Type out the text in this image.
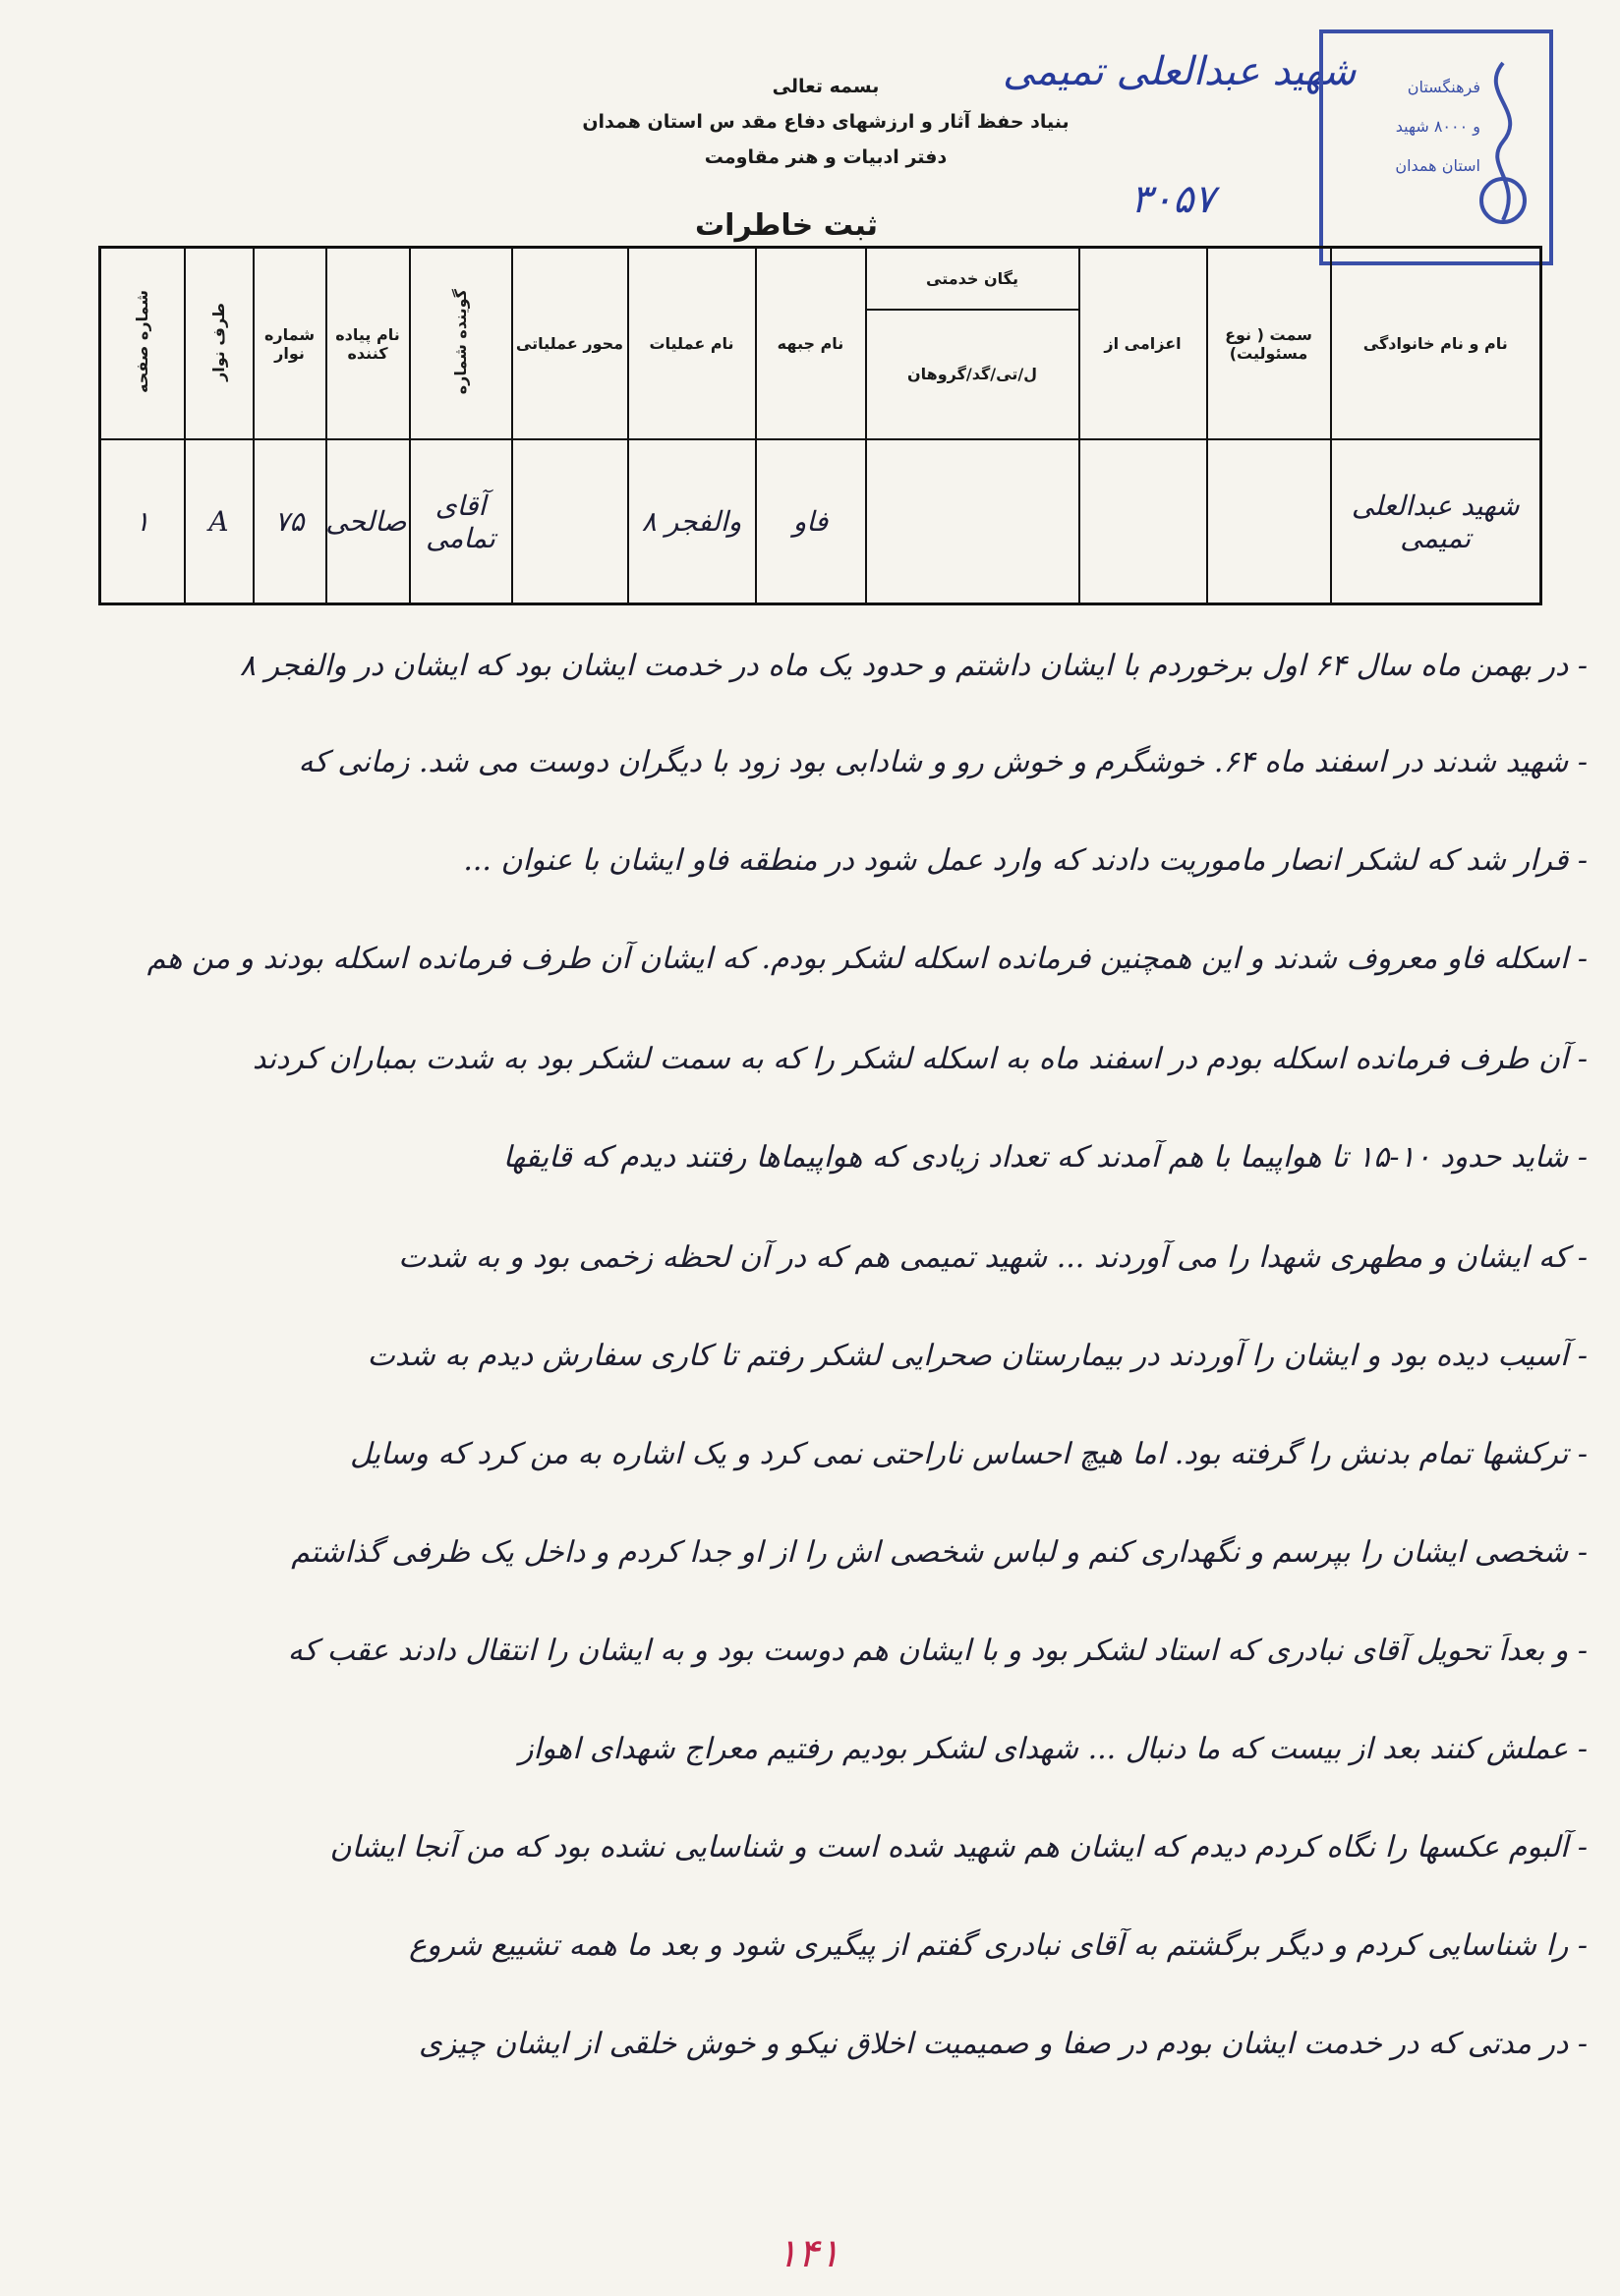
بسمه تعالی
بنیاد حفظ آثار و ارزشهای دفاع مقد س استان همدان
دفتر ادبیات و هنر مقاومت
ثبت خاطرات
شهید عبدالعلی تمیمی
۳۰۵۷
فرهنگستان
و ۸۰۰۰ شهید
استان همدان
نام و نام خانوادگی	سمت ( نوع مسئولیت)	اعزامی از	یگان خدمتی	نام جبهه	نام عملیات	محور عملیاتی	گوینده شماره	نام پیاده کننده	شماره نوار	طرف نوار	شماره صفحه
			ل/تی/گد/گروهان								
شهید عبدالعلی تمیمی				فاو	والفجر ۸		آقای تمامی	صالحی	۷۵	A	۱
- در بهمن ماه سال ۶۴ اول برخوردم با ایشان داشتم و حدود یک ماه در خدمت ایشان بود که ایشان در والفجر ۸
- شهید شدند در اسفند ماه ۶۴. خوشگرم و خوش رو و شادابی بود زود با دیگران دوست می شد. زمانی که
- قرار شد که لشکر انصار ماموریت دادند که وارد عمل شود در منطقه فاو ایشان با عنوان ...
- اسکله فاو معروف شدند و این همچنین فرمانده اسکله لشکر بودم. که ایشان آن طرف فرمانده اسکله بودند و من هم
- آن طرف فرمانده اسکله بودم در اسفند ماه به اسکله لشکر را که به سمت لشکر بود به شدت بمباران کردند
- شاید حدود ۱۰-۱۵ تا هواپیما با هم آمدند که تعداد زیادی که هواپیماها رفتند دیدم که قایقها
- که ایشان و مطهری شهدا را می آوردند ... شهید تمیمی هم که در آن لحظه زخمی بود و به شدت
- آسیب دیده بود و ایشان را آوردند در بیمارستان صحرایی لشکر رفتم تا کاری سفارش دیدم به شدت
- ترکشها تمام بدنش را گرفته بود. اما هیچ احساس ناراحتی نمی کرد و یک اشاره به من کرد که وسایل
- شخصی ایشان را بپرسم و نگهداری کنم و لباس شخصی اش را از او جدا کردم و داخل یک ظرفی گذاشتم
- و بعداً تحویل آقای نبادری که استاد لشکر بود و با ایشان هم دوست بود و به ایشان را انتقال دادند عقب که
- عملش کنند بعد از بیست که ما دنبال ... شهدای لشکر بودیم رفتیم معراج شهدای اهواز
- آلبوم عکسها را نگاه کردم دیدم که ایشان هم شهید شده است و شناسایی نشده بود که من آنجا ایشان
- را شناسایی کردم و دیگر برگشتم به آقای نبادری گفتم از پیگیری شود و بعد ما همه تشییع شروع
- در مدتی که در خدمت ایشان بودم در صفا و صمیمیت اخلاق نیکو و خوش خلقی از ایشان چیزی
۱۴۱
